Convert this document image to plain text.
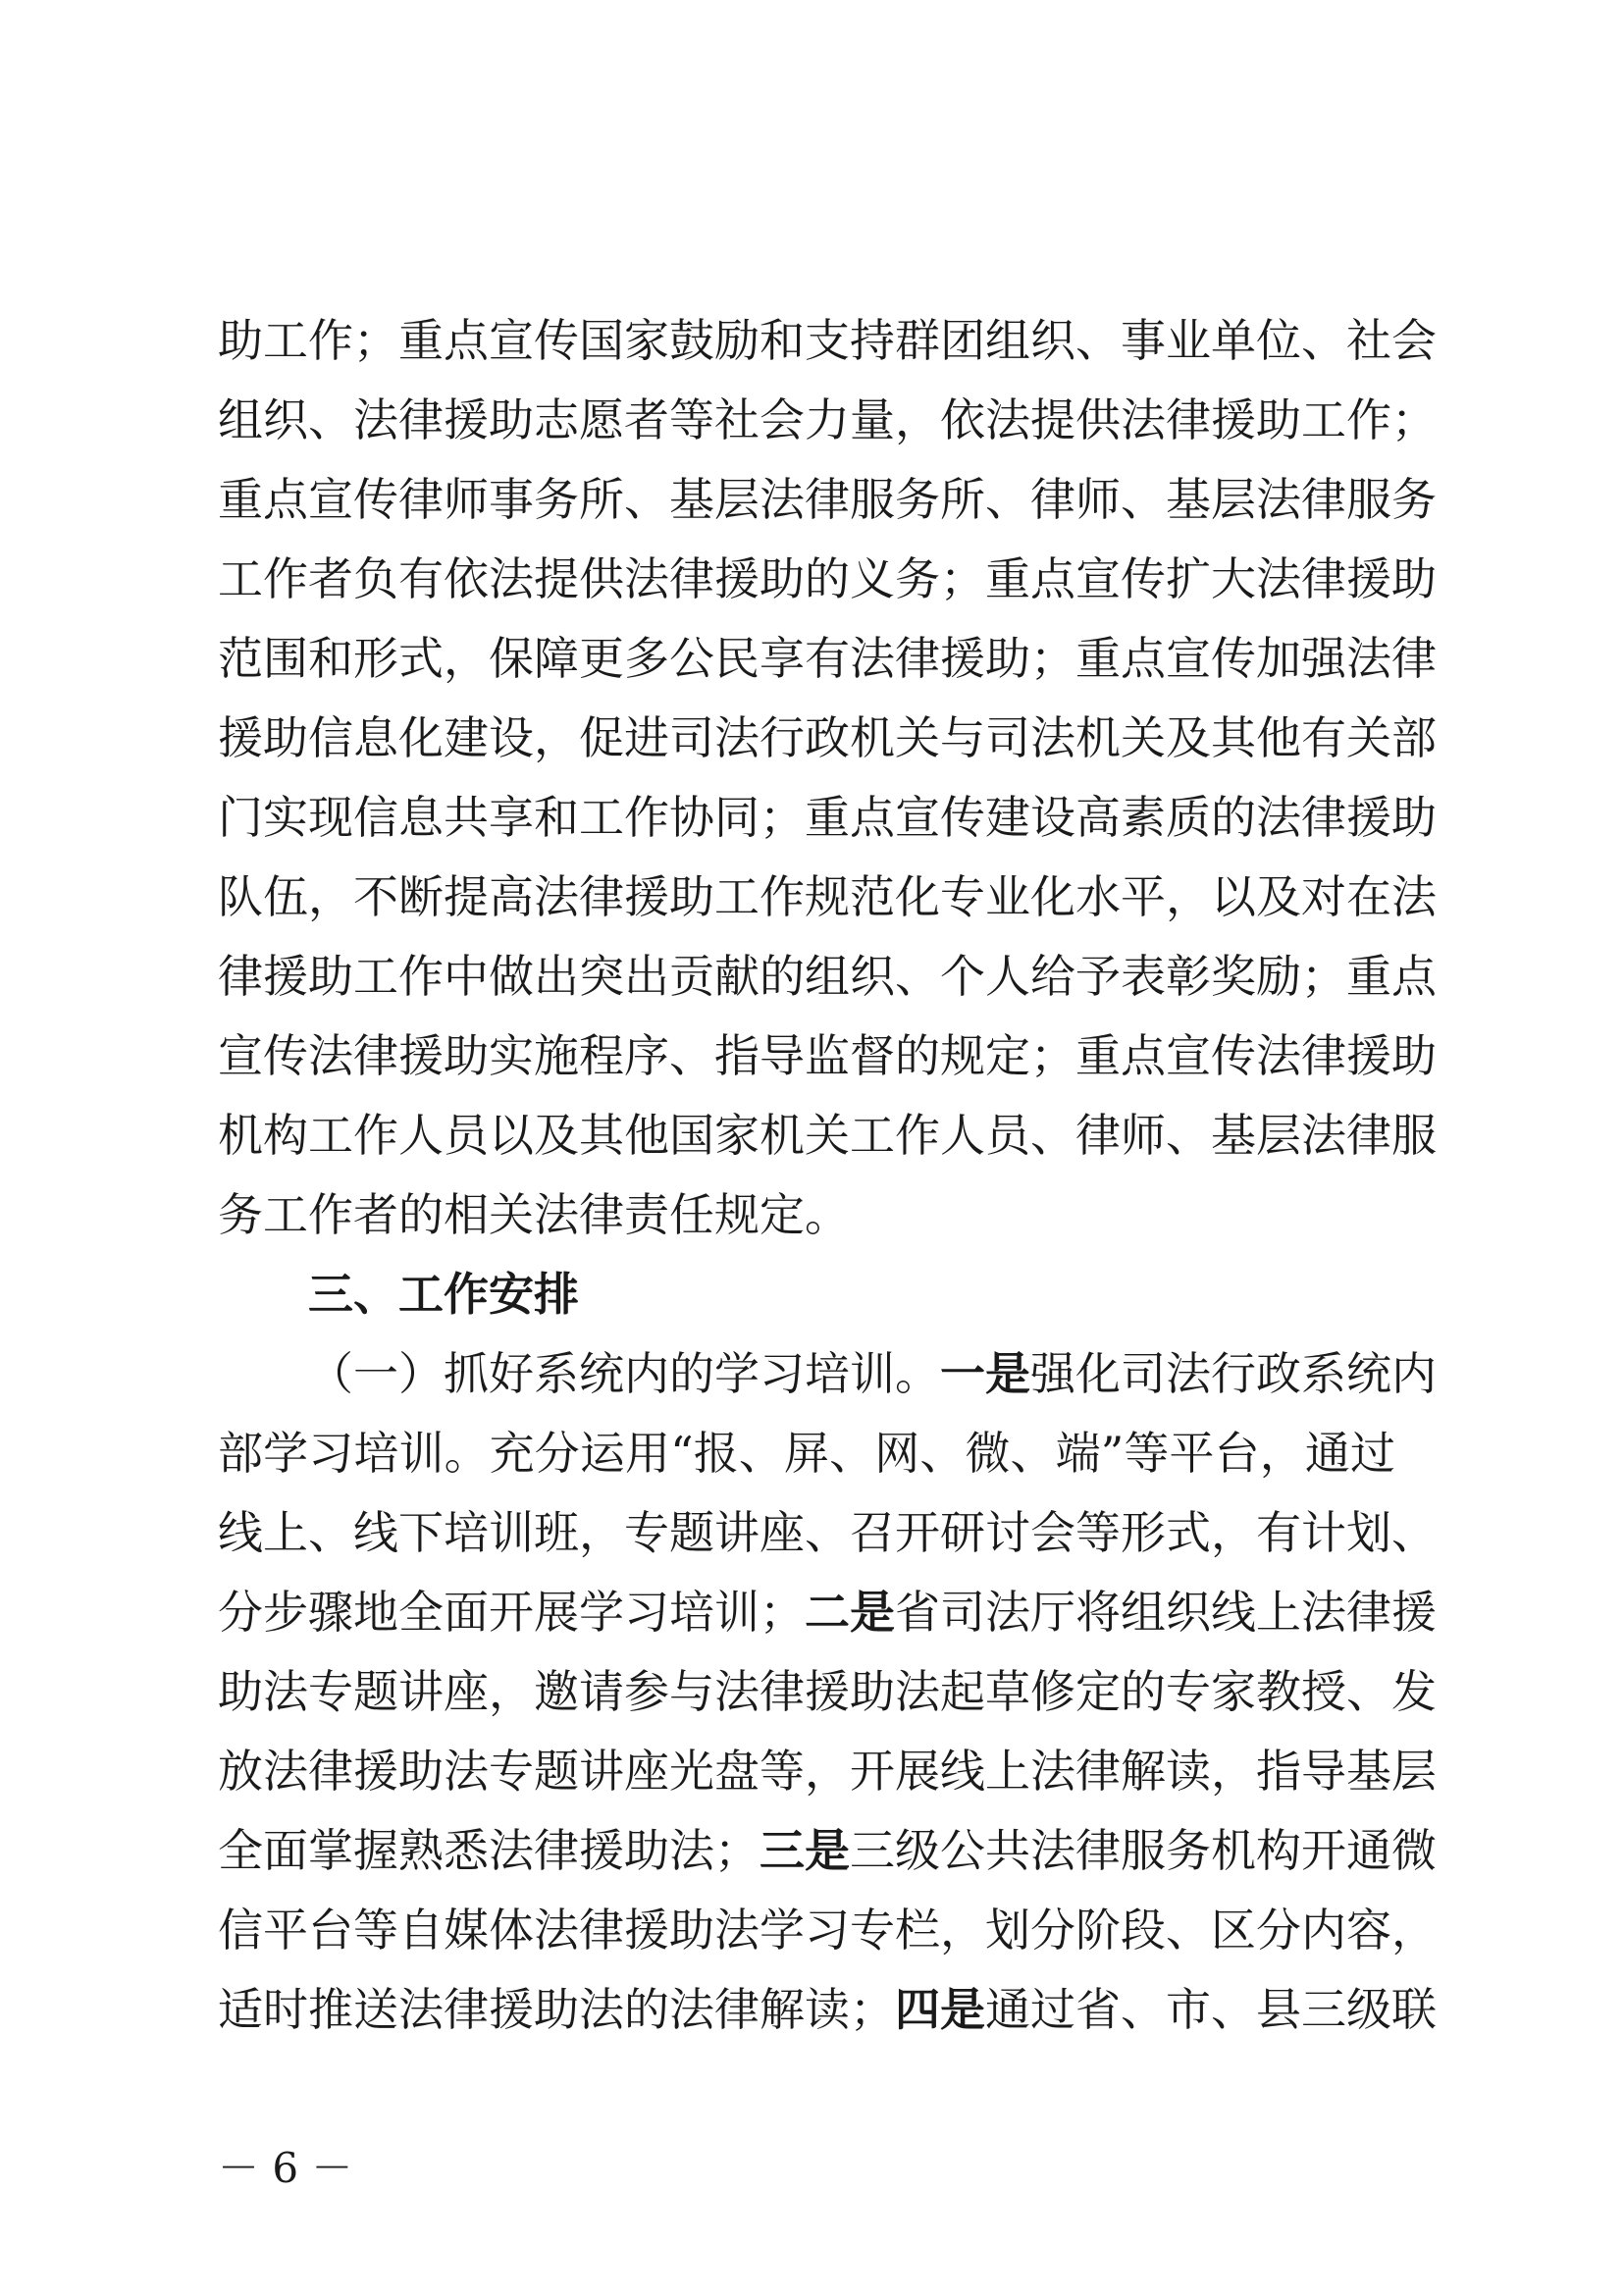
助工作；重点宣传国家鼓励和支持群团组织、事业单位、社会
组织、法律援助志愿者等社会力量，依法提供法律援助工作；
重点宣传律师事务所、基层法律服务所、律师、基层法律服务
工作者负有依法提供法律援助的义务；重点宣传扩大法律援助
范围和形式，保障更多公民享有法律援助；重点宣传加强法律
援助信息化建设，促进司法行政机关与司法机关及其他有关部
门实现信息共享和工作协同；重点宣传建设高素质的法律援助
队伍，不断提高法律援助工作规范化专业化水平，以及对在法
律援助工作中做出突出贡献的组织、个人给予表彰奖励；重点
宣传法律援助实施程序、指导监督的规定；重点宣传法律援助
机构工作人员以及其他国家机关工作人员、律师、基层法律服
务工作者的相关法律责任规定。
三、工作安排
（一）抓好系统内的学习培训。一是强化司法行政系统内
部学习培训。充分运用“报、屏、网、微、端”等平台，通过
线上、线下培训班，专题讲座、召开研讨会等形式，有计划、
分步骤地全面开展学习培训；二是省司法厅将组织线上法律援
助法专题讲座，邀请参与法律援助法起草修定的专家教授、发
放法律援助法专题讲座光盘等，开展线上法律解读，指导基层
全面掌握熟悉法律援助法；三是三级公共法律服务机构开通微
信平台等自媒体法律援助法学习专栏，划分阶段、区分内容，
适时推送法律援助法的法律解读；四是通过省、市、县三级联
－ 6 －
